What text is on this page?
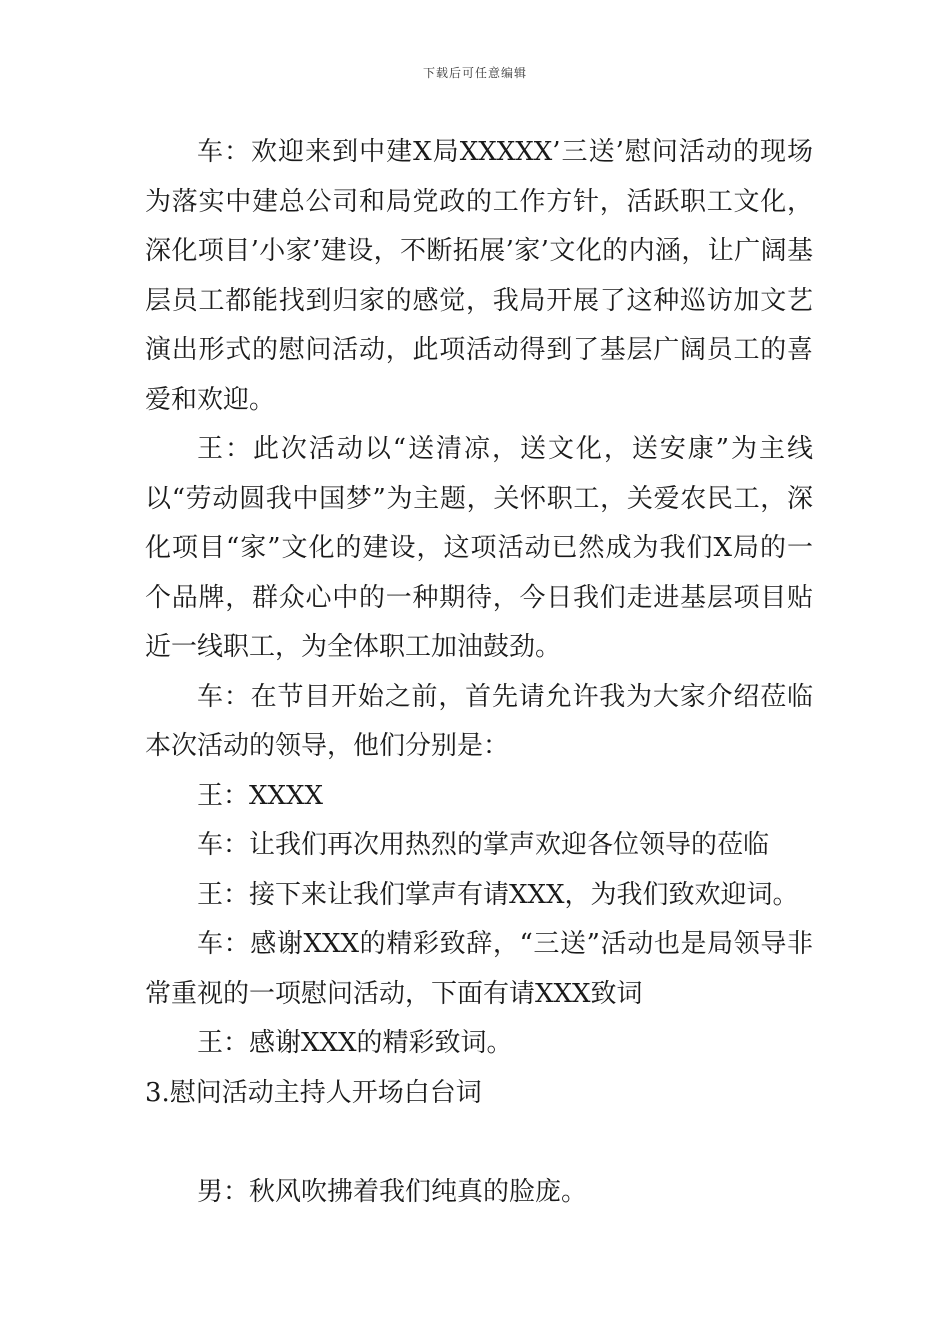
下载后可任意编辑

车：欢迎来到中建X局XXXXX’三送’慰问活动的现场为落实中建总公司和局党政的工作方针，活跃职工文化，深化项目’小家’建设，不断拓展’家’文化的内涵，让广阔基层员工都能找到归家的感觉，我局开展了这种巡访加文艺演出形式的慰问活动，此项活动得到了基层广阔员工的喜爱和欢迎。

王：此次活动以“送清凉，送文化，送安康”为主线以“劳动圆我中国梦”为主题，关怀职工，关爱农民工，深化项目“家”文化的建设，这项活动已然成为我们X局的一个品牌，群众心中的一种期待，今日我们走进基层项目贴近一线职工，为全体职工加油鼓劲。

车：在节目开始之前，首先请允许我为大家介绍莅临本次活动的领导，他们分别是：

王：XXXX

车：让我们再次用热烈的掌声欢迎各位领导的莅临

王：接下来让我们掌声有请XXX，为我们致欢迎词。

车：感谢XXX的精彩致辞，“三送”活动也是局领导非常重视的一项慰问活动，下面有请XXX致词

王：感谢XXX的精彩致词。

3.慰问活动主持人开场白台词

男：秋风吹拂着我们纯真的脸庞。
